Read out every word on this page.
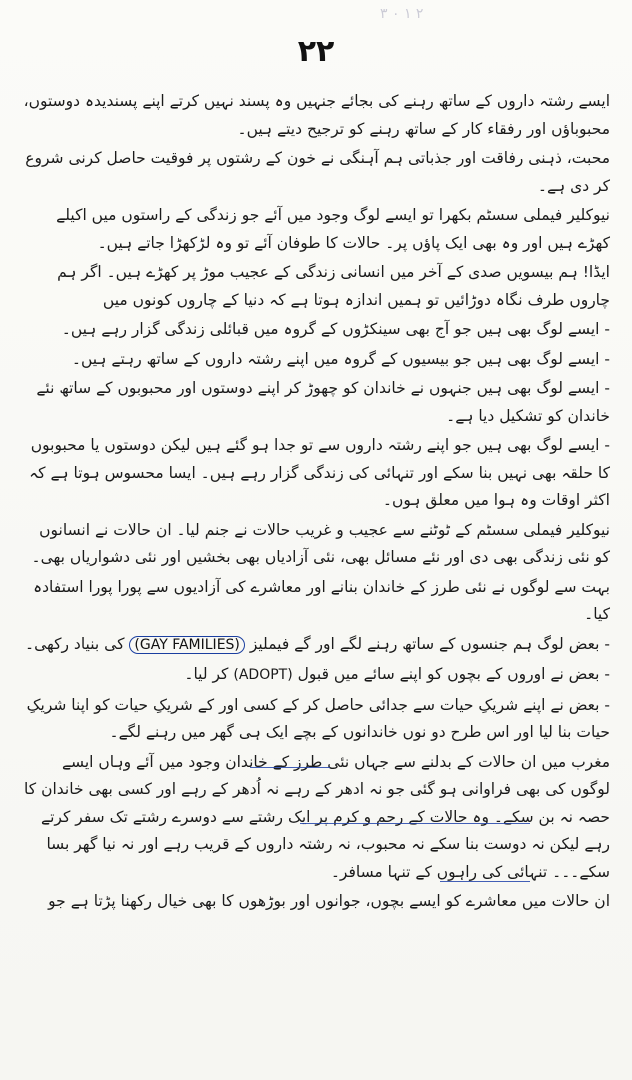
۳ ۰ ۱ ۲
۲۲

ایسے رشتہ داروں کے ساتھ رہنے کی بجائے جنہیں وہ پسند نہیں کرتے اپنے پسندیدہ دوستوں، محبوباؤں اور رفقاء کار کے ساتھ رہنے کو ترجیح دیتے ہیں۔

محبت، ذہنی رفاقت اور جذباتی ہم آہنگی نے خون کے رشتوں پر فوقیت حاصل کرنی شروع کر دی ہے۔

نیوکلیر فیملی سسٹم بکھرا تو ایسے لوگ وجود میں آئے جو زندگی کے راستوں میں اکیلے کھڑے ہیں اور وہ بھی ایک پاؤں پر۔ حالات کا طوفان آئے تو وہ لڑکھڑا جاتے ہیں۔

ایڈا! ہم بیسویں صدی کے آخر میں انسانی زندگی کے عجیب موڑ پر کھڑے ہیں۔ اگر ہم چاروں طرف نگاہ دوڑائیں تو ہمیں اندازہ ہوتا ہے کہ دنیا کے چاروں کونوں میں

- ایسے لوگ بھی ہیں جو آج بھی سینکڑوں کے گروہ میں قبائلی زندگی گزار رہے ہیں۔

- ایسے لوگ بھی ہیں جو بیسیوں کے گروہ میں اپنے رشتہ داروں کے ساتھ رہتے ہیں۔

- ایسے لوگ بھی ہیں جنہوں نے خاندان کو چھوڑ کر اپنے دوستوں اور محبوبوں کے ساتھ نئے خاندان کو تشکیل دیا ہے۔

- ایسے لوگ بھی ہیں جو اپنے رشتہ داروں سے تو جدا ہو گئے ہیں لیکن دوستوں یا محبوبوں کا حلقہ بھی نہیں بنا سکے اور تنہائی کی زندگی گزار رہے ہیں۔ ایسا محسوس ہوتا ہے کہ اکثر اوقات وہ ہوا میں معلق ہوں۔

نیوکلیر فیملی سسٹم کے ٹوٹنے سے عجیب و غریب حالات نے جنم لیا۔ ان حالات نے انسانوں کو نئی زندگی بھی دی اور نئے مسائل بھی، نئی آزادیاں بھی بخشیں اور نئی دشواریاں بھی۔

بہت سے لوگوں نے نئی طرز کے خاندان بنانے اور معاشرے کی آزادیوں سے پورا پورا استفادہ کیا۔

- بعض لوگ ہم جنسوں کے ساتھ رہنے لگے اور گے فیملیز (GAY FAMILIES) کی بنیاد رکھی۔

- بعض نے اوروں کے بچوں کو اپنے سائے میں قبول (ADOPT) کر لیا۔

- بعض نے اپنے شریکِ حیات سے جدائی حاصل کر کے کسی اور کے شریکِ حیات کو اپنا شریکِ حیات بنا لیا اور اس طرح دو نوں خاندانوں کے بچے ایک ہی گھر میں رہنے لگے۔

مغرب میں ان حالات کے بدلنے سے جہاں نئی طرز کے خاندان وجود میں آئے وہاں ایسے لوگوں کی بھی فراوانی ہو گئی جو نہ ادھر کے رہے نہ اُدھر کے رہے اور کسی بھی خاندان کا حصہ نہ بن سکے۔ وہ حالات کے رحم و کرم پر ایک رشتے سے دوسرے رشتے تک سفر کرتے رہے لیکن نہ دوست بنا سکے نہ محبوب، نہ رشتہ داروں کے قریب رہے اور نہ نیا گھر بسا سکے۔۔۔ تنہائی کی راہوں کے تنہا مسافر۔

ان حالات میں معاشرے کو ایسے بچوں، جوانوں اور بوڑھوں کا بھی خیال رکھنا پڑتا ہے جو
